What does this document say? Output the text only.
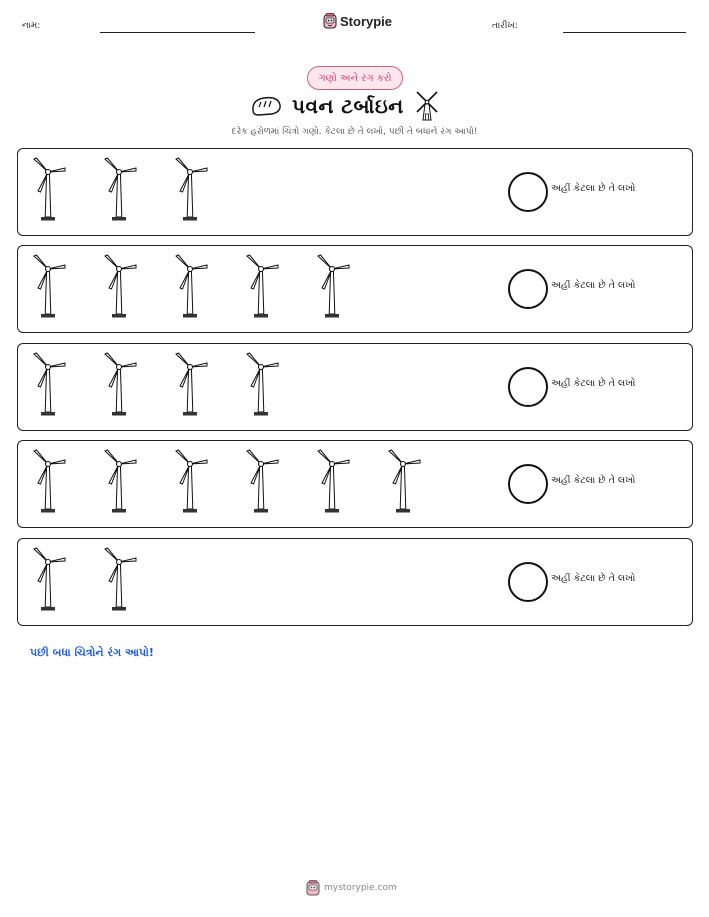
નામ:	Storypie	તારીખ:
ગણો અને રંગ કરો
પવન ટર્બાઇન
દરેક હરોળમાં ચિત્રો ગણો. કેટલા છે તે લખો, પછી તે બધાને રંગ આપો!
અહીં કેટલા છે તે લખો
અહીં કેટલા છે તે લખો
અહીં કેટલા છે તે લખો
અહીં કેટલા છે તે લખો
અહીં કેટલા છે તે લખો
પછી બધા ચિત્રોને રંગ આપો!
mystorypie.com
